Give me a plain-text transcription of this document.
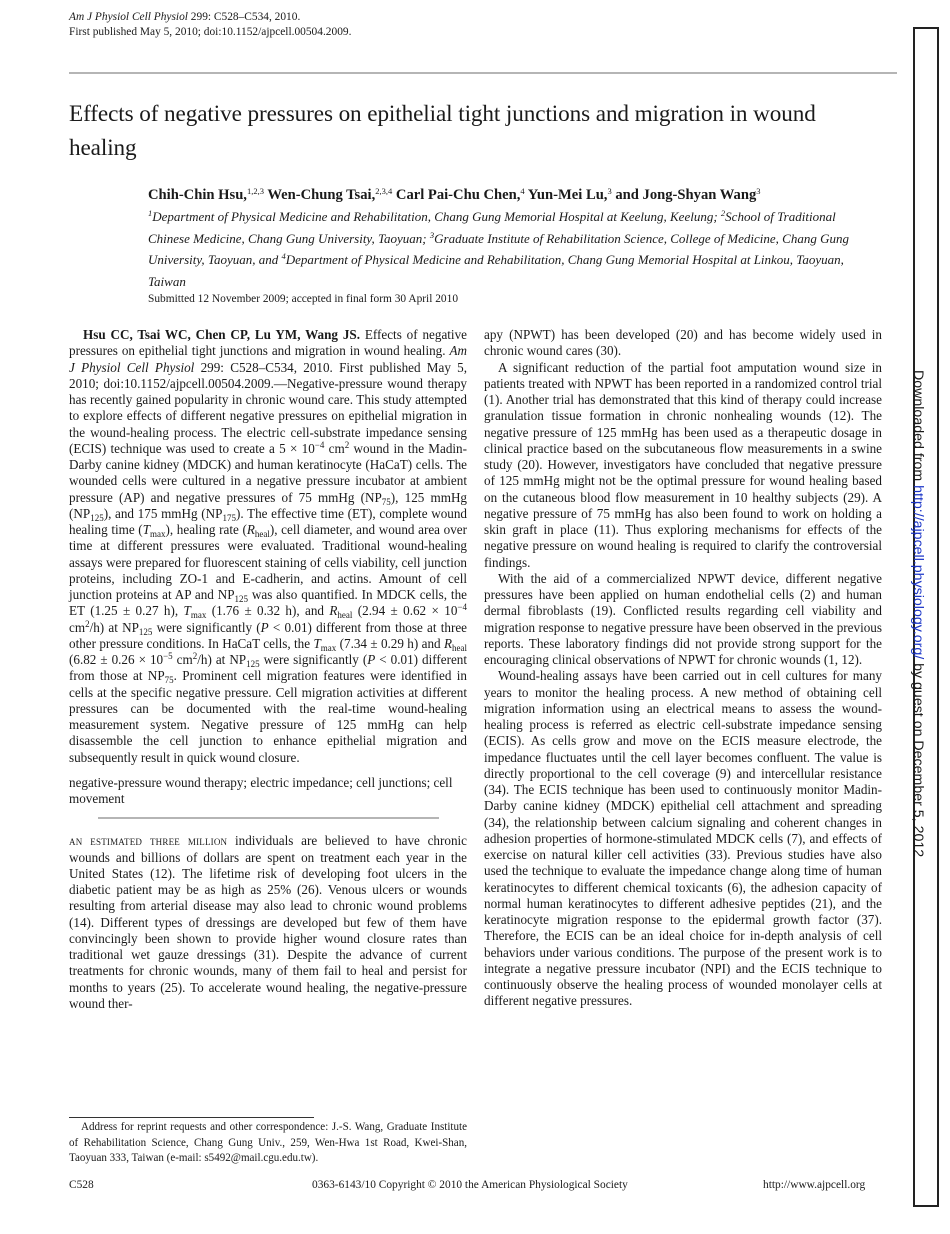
Am J Physiol Cell Physiol 299: C528–C534, 2010.
First published May 5, 2010; doi:10.1152/ajpcell.00504.2009.
Effects of negative pressures on epithelial tight junctions and migration in wound healing
Chih-Chin Hsu,$^{1,2,3}$ Wen-Chung Tsai,$^{2,3,4}$ Carl Pai-Chu Chen,$^4$ Yun-Mei Lu,$^3$ and Jong-Shyan Wang$^3$
$^1$Department of Physical Medicine and Rehabilitation, Chang Gung Memorial Hospital at Keelung, Keelung; $^2$School of Traditional Chinese Medicine, Chang Gung University, Taoyuan; $^3$Graduate Institute of Rehabilitation Science, College of Medicine, Chang Gung University, Taoyuan, and $^4$Department of Physical Medicine and Rehabilitation, Chang Gung Memorial Hospital at Linkou, Taoyuan, Taiwan
Submitted 12 November 2009; accepted in final form 30 April 2010

Hsu CC, Tsai WC, Chen CP, Lu YM, Wang JS. Effects of negative pressures on epithelial tight junctions and migration in wound healing. Am J Physiol Cell Physiol 299: C528–C534, 2010. First published May 5, 2010; doi:10.1152/ajpcell.00504.2009.—Negative-pressure wound therapy has recently gained popularity in chronic wound care. This study attempted to explore effects of different negative pressures on epithelial migration in the wound-healing process. The electric cell-substrate impedance sensing (ECIS) technique was used to create a $5 \times 10^{-4}$ $cm^2$ wound in the Madin-Darby canine kidney (MDCK) and human keratinocyte (HaCaT) cells. The wounded cells were cultured in a negative pressure incubator at ambient pressure (AP) and negative pressures of 75 mmHg $(NP_{75})$, 125 mmHg $(NP_{125})$, and 175 mmHg $(NP_{175})$. The effective time (ET), complete wound healing time $(T_{max})$, healing rate $(R_{heal})$, cell diameter, and wound area over time at different pressures were evaluated. Traditional wound-healing assays were prepared for fluorescent staining of cells viability, cell junction proteins, including ZO-1 and E-cadherin, and actins. Amount of cell junction proteins at AP and $NP_{125}$ was also quantified. In MDCK cells, the ET (1.25 ± 0.27 h), $T_{max}$ (1.76 ± 0.32 h), and $R_{heal}$ ($2.94 \pm 0.62 \times 10^{-4}$ $cm^2/h$) at $NP_{125}$ were significantly (P < 0.01) different from those at three other pressure conditions. In HaCaT cells, the $T_{max}$ (7.34 ± 0.29 h) and $R_{heal}$ ($6.82 \pm 0.26 \times 10^{-5}$ $cm^2/h$) at $NP_{125}$ were significantly (P < 0.01) different from those at $NP_{75}$. Prominent cell migration features were identified in cells at the specific negative pressure. Cell migration activities at different pressures can be documented with the real-time wound-healing measurement system. Negative pressure of 125 mmHg can help disassemble the cell junction to enhance epithelial migration and subsequently result in quick wound closure.

negative-pressure wound therapy; electric impedance; cell junctions; cell movement

an estimated three million individuals are believed to have chronic wounds and billions of dollars are spent on treatment each year in the United States (12). The lifetime risk of developing foot ulcers in the diabetic patient may be as high as 25% (26). Venous ulcers or wounds resulting from arterial disease may also lead to chronic wound problems (14). Different types of dressings are developed but few of them have convincingly been shown to provide higher wound closure rates than traditional wet gauze dressings (31). Despite the advance of current treatments for chronic wounds, many of them fail to heal and persist for months to years (25). To accelerate wound healing, the negative-pressure wound ther-

apy (NPWT) has been developed (20) and has become widely used in chronic wound cares (30).

A significant reduction of the partial foot amputation wound size in patients treated with NPWT has been reported in a randomized control trial (1). Another trial has demonstrated that this kind of therapy could increase granulation tissue formation in chronic nonhealing wounds (12). The negative pressure of 125 mmHg has been used as a therapeutic dosage in clinical practice based on the subcutaneous flow measurements in a swine study (20). However, investigators have concluded that negative pressure of 125 mmHg might not be the optimal pressure for wound healing based on the cutaneous blood flow measurement in 10 healthy subjects (29). A negative pressure of 75 mmHg has also been found to work on holding a skin graft in place (11). Thus exploring mechanisms for effects of the negative pressure on wound healing is required to clarify the controversial findings.

With the aid of a commercialized NPWT device, different negative pressures have been applied on human endothelial cells (2) and human dermal fibroblasts (19). Conflicted results regarding cell viability and migration response to negative pressure have been observed in the previous reports. These laboratory findings did not provide strong support for the encouraging clinical observations of NPWT for chronic wounds (1, 12).

Wound-healing assays have been carried out in cell cultures for many years to monitor the healing process. A new method of obtaining cell migration information using an electrical means to assess the wound-healing process is referred as electric cell-substrate impedance sensing (ECIS). As cells grow and move on the ECIS measure electrode, the impedance fluctuates until the cell layer becomes confluent. The value is directly proportional to the cell coverage (9) and intercellular resistance (34). The ECIS technique has been used to continuously monitor Madin-Darby canine kidney (MDCK) epithelial cell attachment and spreading (34), the relationship between calcium signaling and coherent changes in adhesion properties of hormone-stimulated MDCK cells (7), and effects of exercise on natural killer cell activities (33). Previous studies have also used the technique to evaluate the impedance change along time of human keratinocytes to different chemical toxicants (6), the adhesion capacity of normal human keratinocytes to different adhesive peptides (21), and the keratinocyte migration response to the epidermal growth factor (37). Therefore, the ECIS can be an ideal choice for in-depth analysis of cell behaviors under various conditions. The purpose of the present work is to integrate a negative pressure incubator (NPI) and the ECIS technique to continuously observe the healing process of wounded monolayer cells at different negative pressures.

Address for reprint requests and other correspondence: J.-S. Wang, Graduate Institute of Rehabilitation Science, Chang Gung Univ., 259, Wen-Hwa 1st Road, Kwei-Shan, Taoyuan 333, Taiwan (e-mail: s5492@mail.cgu.edu.tw).
C528	0363-6143/10 Copyright © 2010 the American Physiological Society	http://www.ajpcell.org
Downloaded from http://ajpcell.physiology.org/ by guest on December 5, 2012
